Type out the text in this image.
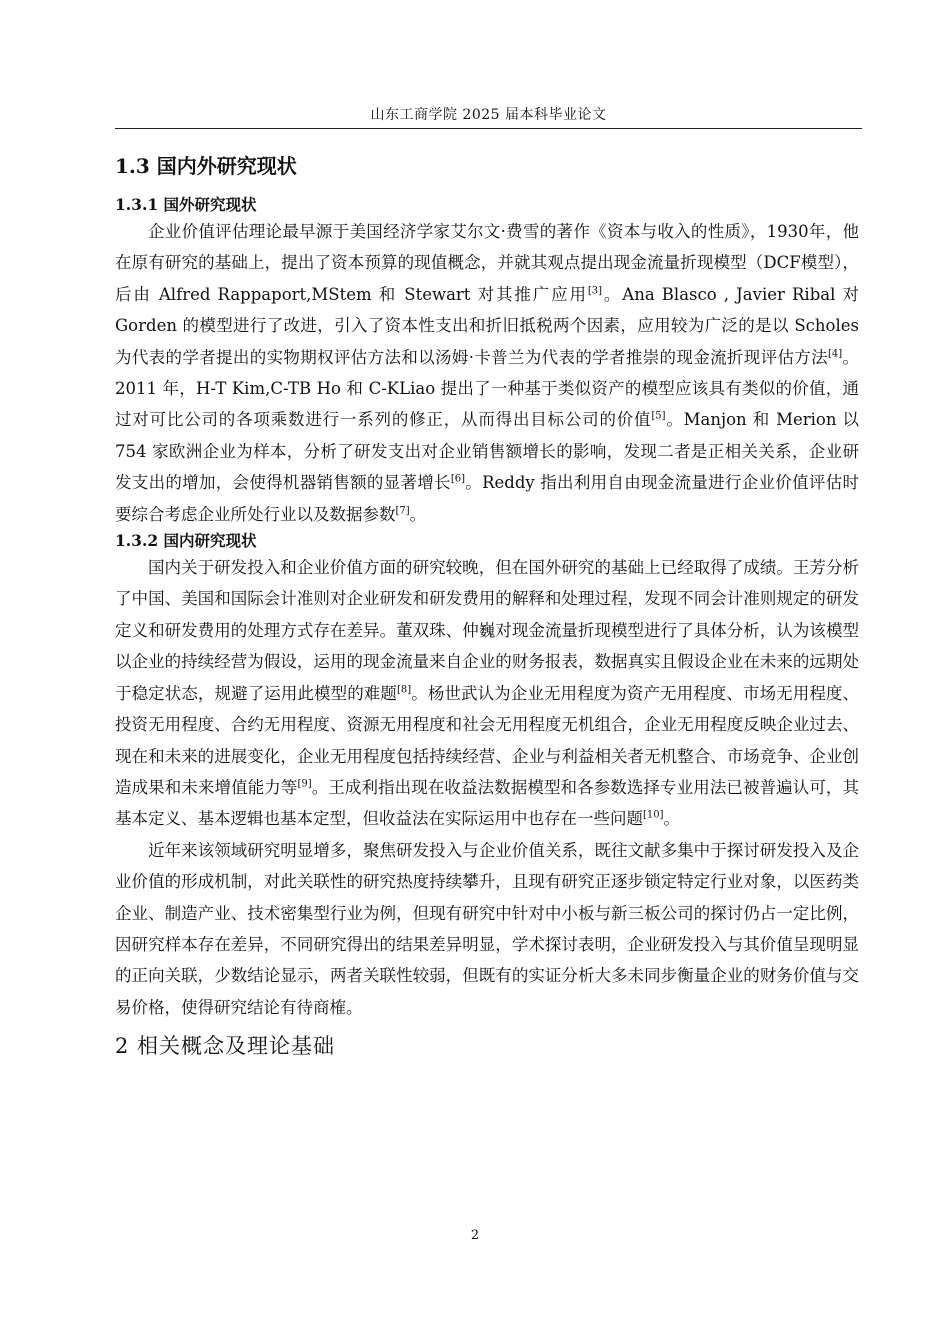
山东工商学院 2025 届本科毕业论文
1.3 国内外研究现状
1.3.1 国外研究现状

企业价值评估理论最早源于美国经济学家艾尔文·费雪的著作《资本与收入的性质》，1930年，他在原有研究的基础上，提出了资本预算的现值概念，并就其观点提出现金流量折现模型（DCF模型），后由 Alfred Rappaport,MStem 和 Stewart 对其推广应用[3]。Ana Blasco , Javier Ribal 对 Gorden 的模型进行了改进，引入了资本性支出和折旧抵税两个因素，应用较为广泛的是以 Scholes 为代表的学者提出的实物期权评估方法和以汤姆·卡普兰为代表的学者推崇的现金流折现评估方法[4]。2011 年，H-T Kim,C-TB Ho 和 C-KLiao 提出了一种基于类似资产的模型应该具有类似的价值，通过对可比公司的各项乘数进行一系列的修正，从而得出目标公司的价值[5]。Manjon 和 Merion 以 754 家欧洲企业为样本，分析了研发支出对企业销售额增长的影响，发现二者是正相关关系，企业研发支出的增加，会使得机器销售额的显著增长[6]。Reddy 指出利用自由现金流量进行企业价值评估时要综合考虑企业所处行业以及数据参数[7]。

1.3.2 国内研究现状

国内关于研发投入和企业价值方面的研究较晚，但在国外研究的基础上已经取得了成绩。王芳分析了中国、美国和国际会计准则对企业研发和研发费用的解释和处理过程，发现不同会计准则规定的研发定义和研发费用的处理方式存在差异。董双珠、仲巍对现金流量折现模型进行了具体分析，认为该模型以企业的持续经营为假设，运用的现金流量来自企业的财务报表，数据真实且假设企业在未来的远期处于稳定状态，规避了运用此模型的难题[8]。杨世武认为企业无用程度为资产无用程度、市场无用程度、投资无用程度、合约无用程度、资源无用程度和社会无用程度无机组合，企业无用程度反映企业过去、现在和未来的进展变化，企业无用程度包括持续经营、企业与利益相关者无机整合、市场竞争、企业创造成果和未来增值能力等[9]。王成利指出现在收益法数据模型和各参数选择专业用法已被普遍认可，其基本定义、基本逻辑也基本定型，但收益法在实际运用中也存在一些问题[10]。

近年来该领域研究明显增多，聚焦研发投入与企业价值关系，既往文献多集中于探讨研发投入及企业价值的形成机制，对此关联性的研究热度持续攀升，且现有研究正逐步锁定特定行业对象，以医药类企业、制造产业、技术密集型行业为例，但现有研究中针对中小板与新三板公司的探讨仍占一定比例，因研究样本存在差异，不同研究得出的结果差异明显，学术探讨表明，企业研发投入与其价值呈现明显的正向关联，少数结论显示，两者关联性较弱，但既有的实证分析大多未同步衡量企业的财务价值与交易价格，使得研究结论有待商榷。

2 相关概念及理论基础
2
